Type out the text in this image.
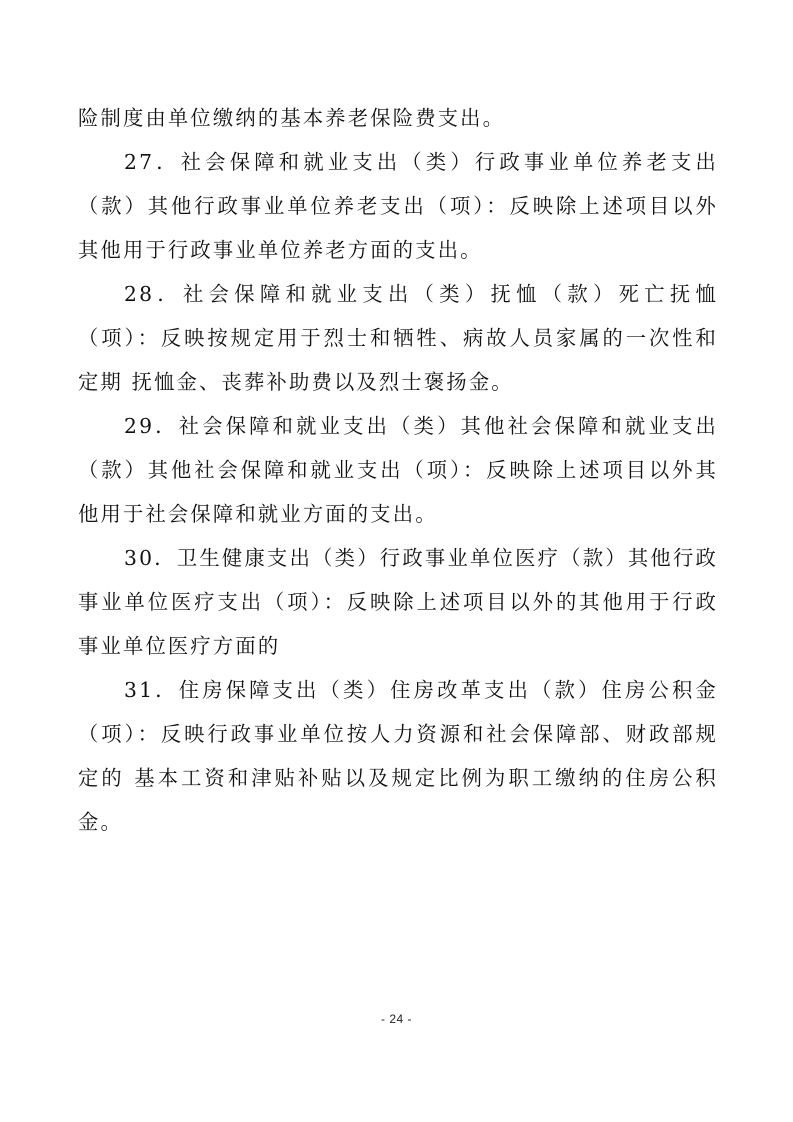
险制度由单位缴纳的基本养老保险费支出。

27．社会保障和就业支出（类）行政事业单位养老支出（款）其他行政事业单位养老支出（项）：反映除上述项目以外其他用于行政事业单位养老方面的支出。

28．社会保障和就业支出（类）抚恤（款）死亡抚恤（项）：反映按规定用于烈士和牺牲、病故人员家属的一次性和定期 抚恤金、丧葬补助费以及烈士褒扬金。

29．社会保障和就业支出（类）其他社会保障和就业支出（款）其他社会保障和就业支出（项）：反映除上述项目以外其他用于社会保障和就业方面的支出。

30．卫生健康支出（类）行政事业单位医疗（款）其他行政事业单位医疗支出（项）：反映除上述项目以外的其他用于行政事业单位医疗方面的

31．住房保障支出（类）住房改革支出（款）住房公积金（项）：反映行政事业单位按人力资源和社会保障部、财政部规定的 基本工资和津贴补贴以及规定比例为职工缴纳的住房公积金。

- 24 -
